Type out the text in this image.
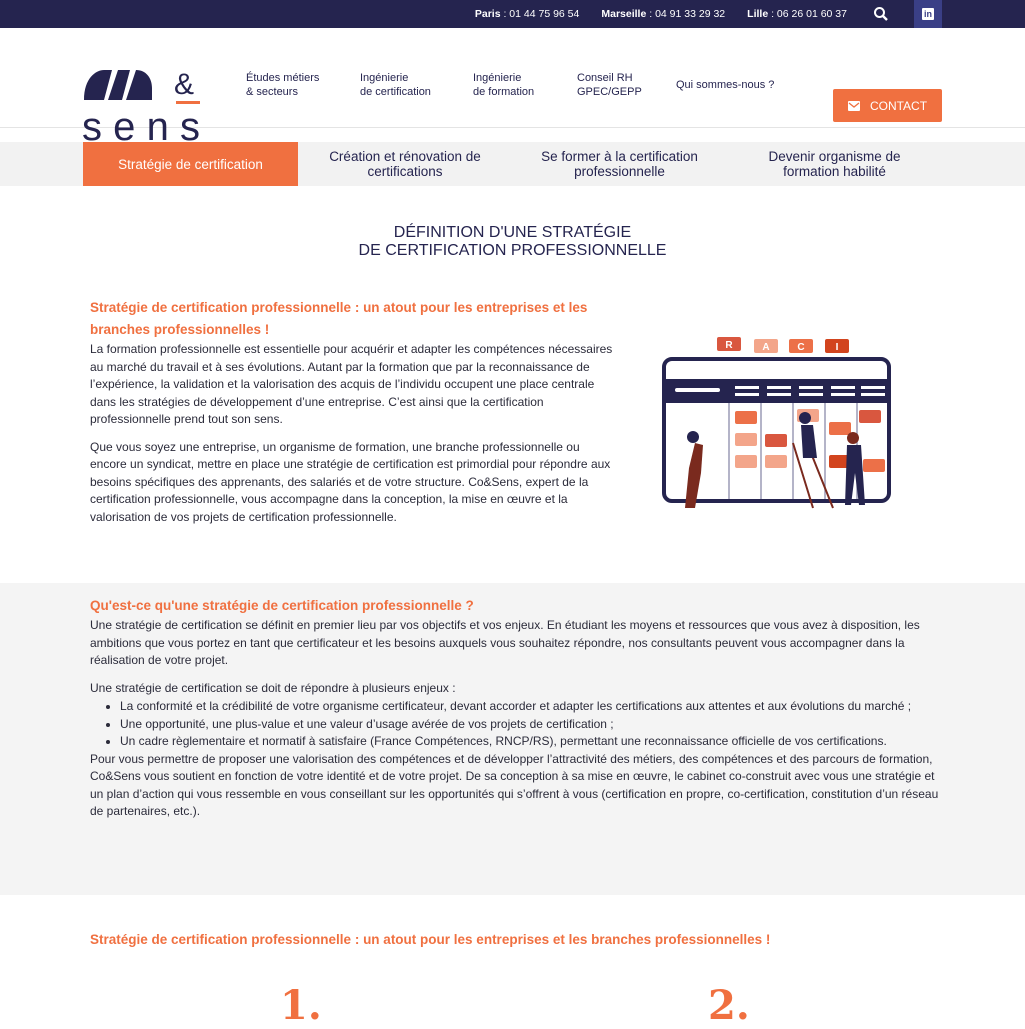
Paris : 01 44 75 96 54 Marseille : 04 91 33 29 32 Lille : 06 26 01 60 37	in
&
sens
Études métiers
& secteurs
Ingénierie
de certification
Ingénierie
de formation
Conseil RH
GPEC/GEPP
Qui sommes-nous ?
CONTACT
Stratégie de certification	Création et rénovation de
certifications
Se former à la certification
professionnelle
Devenir organisme de
formation habilité
DÉFINITION D'UNE STRATÉGIE
DE CERTIFICATION PROFESSIONNELLE
Stratégie de certification professionnelle : un atout pour les entreprises et les branches professionnelles !

La formation professionnelle est essentielle pour acquérir et adapter les compétences nécessaires au marché du travail et à ses évolutions. Autant par la formation que par la reconnaissance de l’expérience, la validation et la valorisation des acquis de l’individu occupent une place centrale dans les stratégies de développement d’une entreprise. C’est ainsi que la certification professionnelle prend tout son sens.

Que vous soyez une entreprise, un organisme de formation, une branche professionnelle ou encore un syndicat, mettre en place une stratégie de certification est primordial pour répondre aux besoins spécifiques des apprenants, des salariés et de votre structure. Co&Sens, expert de la certification professionnelle, vous accompagne dans la conception, la mise en œuvre et la valorisation de vos projets de certification professionnelle.

R	A	C	I
Qu'est-ce qu'une stratégie de certification professionnelle ?

Une stratégie de certification se définit en premier lieu par vos objectifs et vos enjeux. En étudiant les moyens et ressources que vous avez à disposition, les ambitions que vous portez en tant que certificateur et les besoins auxquels vous souhaitez répondre, nos consultants peuvent vous accompagner dans la réalisation de votre projet.

Une stratégie de certification se doit de répondre à plusieurs enjeux :

• La conformité et la crédibilité de votre organisme certificateur, devant accorder et adapter les certifications aux attentes et aux évolutions du marché ;
• Une opportunité, une plus-value et une valeur d’usage avérée de vos projets de certification ;
• Un cadre règlementaire et normatif à satisfaire (France Compétences, RNCP/RS), permettant une reconnaissance officielle de vos certifications.

Pour vous permettre de proposer une valorisation des compétences et de développer l’attractivité des métiers, des compétences et des parcours de formation, Co&Sens vous soutient en fonction de votre identité et de votre projet. De sa conception à sa mise en œuvre, le cabinet co-construit avec vous une stratégie et un plan d’action qui vous ressemble en vous conseillant sur les opportunités qui s’offrent à vous (certification en propre, co-certification, constitution d’un réseau de partenaires, etc.).

Stratégie de certification professionnelle : un atout pour les entreprises et les branches professionnelles !
1.	2.
